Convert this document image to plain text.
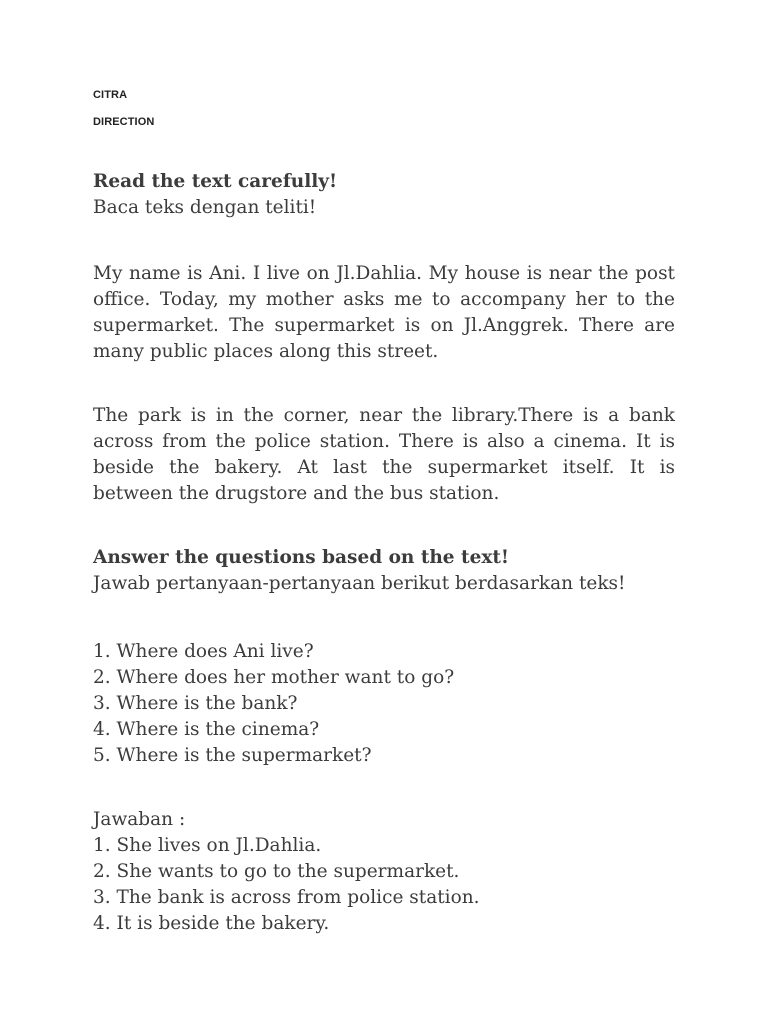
CITRA
DIRECTION

Read the text carefully!

Baca teks dengan teliti!

My name is Ani. I live on Jl.Dahlia. My house is near the post office. Today, my mother asks me to accompany her to the supermarket. The supermarket is on Jl.Anggrek. There are many public places along this street.

The park is in the corner, near the library.There is a bank across from the police station. There is also a cinema. It is beside the bakery. At last the supermarket itself. It is between the drugstore and the bus station.

Answer the questions based on the text!

Jawab pertanyaan-pertanyaan berikut berdasarkan teks!

1. Where does Ani live?
2. Where does her mother want to go?
3. Where is the bank?
4. Where is the cinema?
5. Where is the supermarket?
Jawaban :
1. She lives on Jl.Dahlia.
2. She wants to go to the supermarket.
3. The bank is across from police station.
4. It is beside the bakery.
